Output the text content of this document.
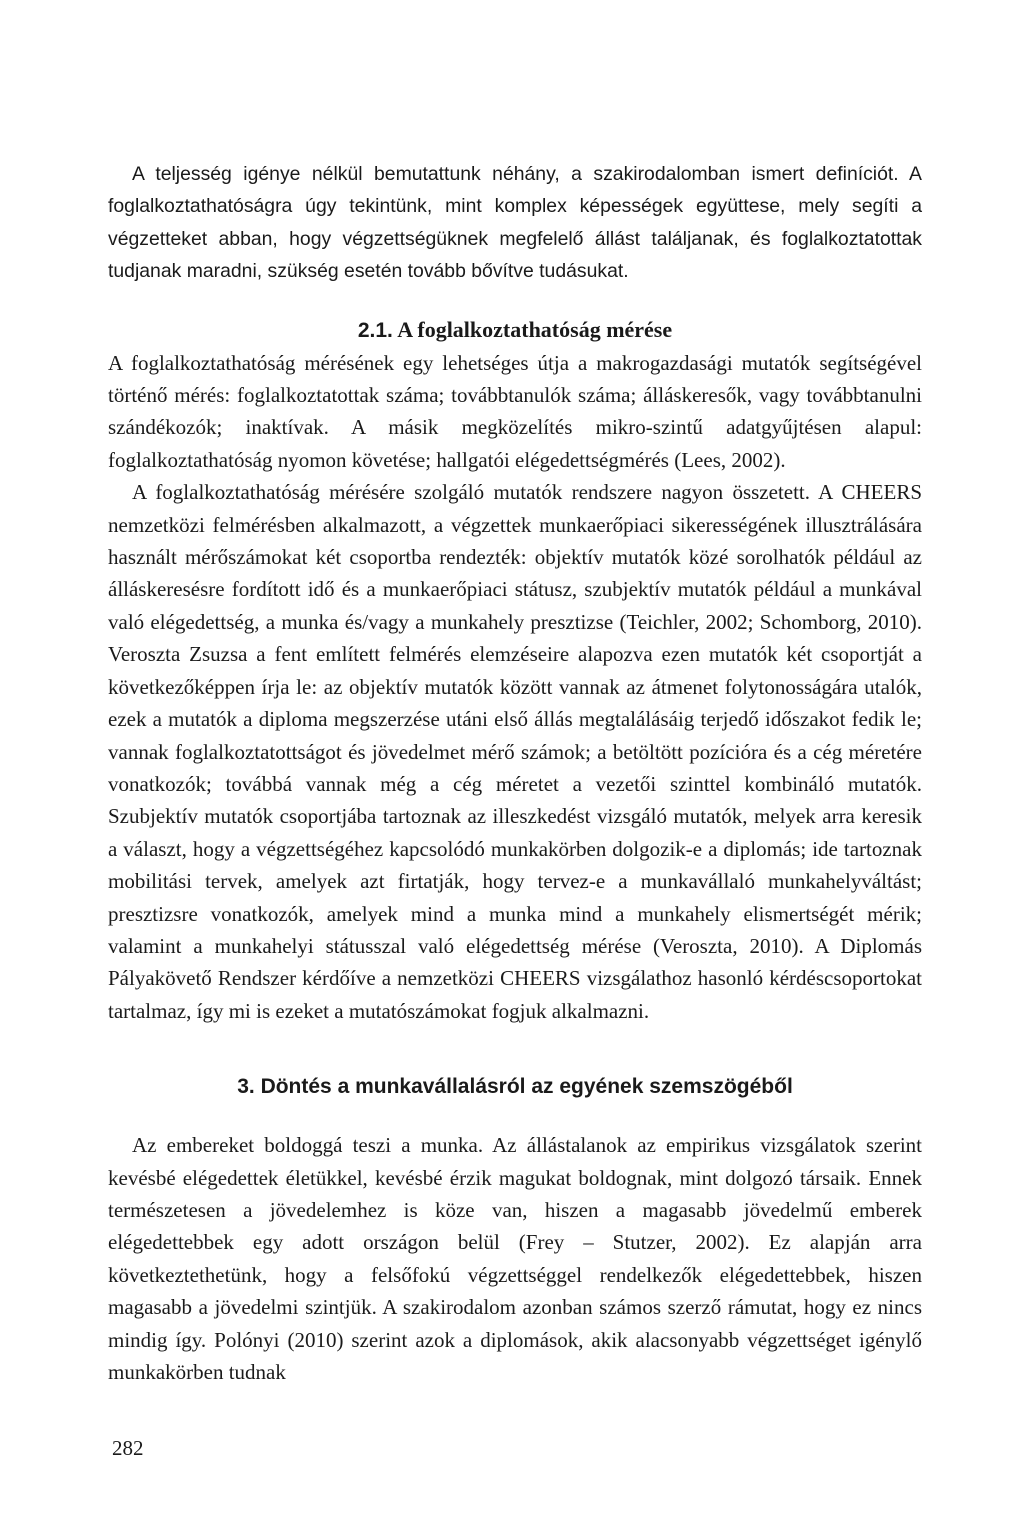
A teljesség igénye nélkül bemutattunk néhány, a szakirodalomban ismert definíciót. A foglalkoztathatóságra úgy tekintünk, mint komplex képességek együttese, mely segíti a végzetteket abban, hogy végzettségüknek megfelelő állást találjanak, és foglalkoztatottak tudjanak maradni, szükség esetén tovább bővítve tudásukat.

2.1. A foglalkoztathatóság mérése

A foglalkoztathatóság mérésének egy lehetséges útja a makrogazdasági mutatók segítségével történő mérés: foglalkoztatottak száma; továbbtanulók száma; álláskeresők, vagy továbbtanulni szándékozók; inaktívak. A másik megközelítés mikro-szintű adatgyűjtésen alapul: foglalkoztathatóság nyomon követése; hallgatói elégedettségmérés (Lees, 2002).

A foglalkoztathatóság mérésére szolgáló mutatók rendszere nagyon összetett. A CHEERS nemzetközi felmérésben alkalmazott, a végzettek munkaerőpiaci sikerességének illusztrálására használt mérőszámokat két csoportba rendezték: objektív mutatók közé sorolhatók például az álláskeresésre fordított idő és a munkaerőpiaci státusz, szubjektív mutatók például a munkával való elégedettség, a munka és/vagy a munkahely presztizse (Teichler, 2002; Schomborg, 2010). Veroszta Zsuzsa a fent említett felmérés elemzéseire alapozva ezen mutatók két csoportját a következőképpen írja le: az objektív mutatók között vannak az átmenet folytonosságára utalók, ezek a mutatók a diploma megszerzése utáni első állás megtalálásáig terjedő időszakot fedik le; vannak foglalkoztatottságot és jövedelmet mérő számok; a betöltött pozícióra és a cég méretére vonatkozók; továbbá vannak még a cég méretet a vezetői szinttel kombináló mutatók. Szubjektív mutatók csoportjába tartoznak az illeszkedést vizsgáló mutatók, melyek arra keresik a választ, hogy a végzettségéhez kapcsolódó munkakörben dolgozik-e a diplomás; ide tartoznak mobilitási tervek, amelyek azt firtatják, hogy tervez-e a munkavállaló munkahelyváltást; presztizsre vonatkozók, amelyek mind a munka mind a munkahely elismertségét mérik; valamint a munkahelyi státusszal való elégedettség mérése (Veroszta, 2010). A Diplomás Pályakövető Rendszer kérdőíve a nemzetközi CHEERS vizsgálathoz hasonló kérdéscsoportokat tartalmaz, így mi is ezeket a mutatószámokat fogjuk alkalmazni.

3. Döntés a munkavállalásról az egyének szemszögéből

Az embereket boldoggá teszi a munka. Az állástalanok az empirikus vizsgálatok szerint kevésbé elégedettek életükkel, kevésbé érzik magukat boldognak, mint dolgozó társaik. Ennek természetesen a jövedelemhez is köze van, hiszen a magasabb jövedelmű emberek elégedettebbek egy adott országon belül (Frey – Stutzer, 2002). Ez alapján arra következtethetünk, hogy a felsőfokú végzettséggel rendelkezők elégedettebbek, hiszen magasabb a jövedelmi szintjük. A szakirodalom azonban számos szerző rámutat, hogy ez nincs mindig így. Polónyi (2010) szerint azok a diplomások, akik alacsonyabb végzettséget igénylő munkakörben tudnak

282
